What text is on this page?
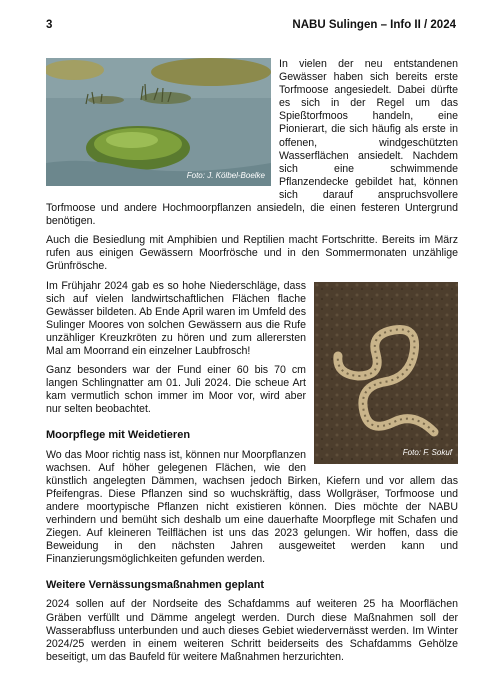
3	NABU Sulingen – Info II / 2024
Foto: J. Kölbel-Boelke

In vielen der neu entstandenen Gewässer haben sich bereits erste Torfmoose angesiedelt. Dabei dürfte es sich in der Regel um das Spießtorfmoos handeln, eine Pionierart, die sich häufig als erste in offenen, windgeschützten Wasserflächen ansiedelt. Nachdem sich eine schwimmende Pflanzendecke gebildet hat, können sich darauf anspruchsvollere Torfmoose und andere Hochmoorpflanzen ansiedeln, die einen festeren Untergrund benötigen.

Auch die Besiedlung mit Amphibien und Reptilien macht Fortschritte. Bereits im März rufen aus einigen Gewässern Moorfrösche und in den Sommermonaten unzählige Grünfrösche.

Foto: F. Sokuf

Im Frühjahr 2024 gab es so hohe Niederschläge, dass sich auf vielen landwirtschaftlichen Flächen flache Gewässer bildeten. Ab Ende April waren im Umfeld des Sulinger Moores von solchen Gewässern aus die Rufe unzähliger Kreuzkröten zu hören und zum allerersten Mal am Moorrand ein einzelner Laubfrosch!

Ganz besonders war der Fund einer 60 bis 70 cm langen Schlingnatter am 01. Juli 2024. Die scheue Art kam vermutlich schon immer im Moor vor, wird aber nur selten beobachtet.

Moorpflege mit Weidetieren

Wo das Moor richtig nass ist, können nur Moorpflanzen wachsen. Auf höher gelegenen Flächen, wie den künstlich angelegten Dämmen, wachsen jedoch Birken, Kiefern und vor allem das Pfeifengras. Diese Pflanzen sind so wuchskräftig, dass Wollgräser, Torfmoose und andere moortypische Pflanzen nicht existieren können. Dies möchte der NABU verhindern und bemüht sich deshalb um eine dauerhafte Moorpflege mit Schafen und Ziegen. Auf kleineren Teilflächen ist uns das 2023 gelungen. Wir hoffen, dass die Beweidung in den nächsten Jahren ausgeweitet werden kann und Finanzierungsmöglichkeiten gefunden werden.

Weitere Vernässungsmaßnahmen geplant

2024 sollen auf der Nordseite des Schafdamms auf weiteren 25 ha Moorflächen Gräben verfüllt und Dämme angelegt werden. Durch diese Maßnahmen soll der Wasserabfluss unterbunden und auch dieses Gebiet wiedervernässt werden. Im Winter 2024/25 werden in einem weiteren Schritt beiderseits des Schafdamms Gehölze beseitigt, um das Baufeld für weitere Maßnahmen herzurichten.
